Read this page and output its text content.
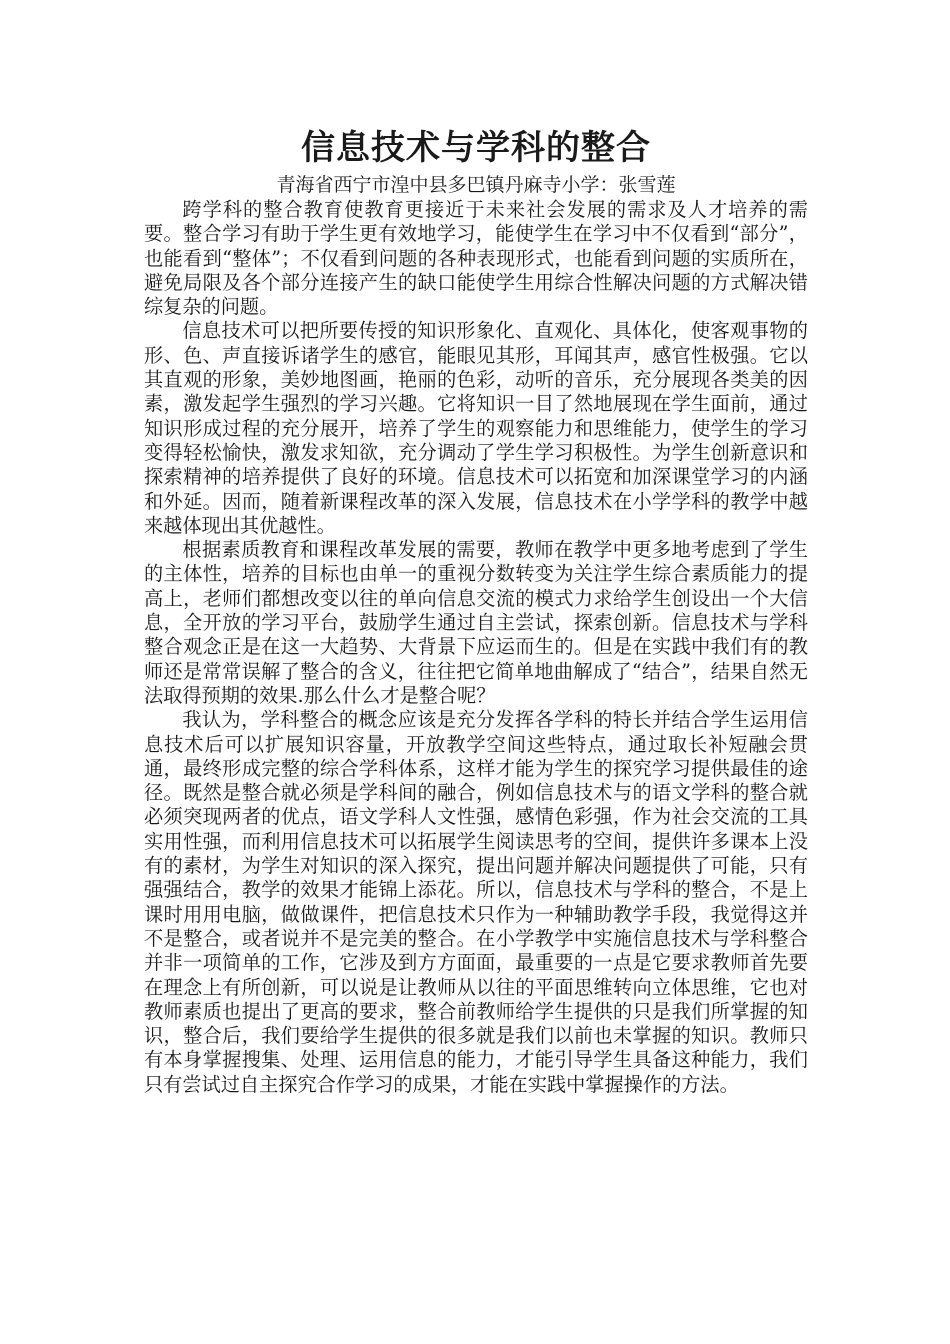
信息技术与学科的整合

青海省西宁市湟中县多巴镇丹麻寺小学：张雪莲

跨学科的整合教育使教育更接近于未来社会发展的需求及人才培养的需要。整合学习有助于学生更有效地学习，能使学生在学习中不仅看到“部分”，也能看到“整体”；不仅看到问题的各种表现形式，也能看到问题的实质所在，避免局限及各个部分连接产生的缺口能使学生用综合性解决问题的方式解决错综复杂的问题。

信息技术可以把所要传授的知识形象化、直观化、具体化，使客观事物的形、色、声直接诉诸学生的感官，能眼见其形，耳闻其声，感官性极强。它以其直观的形象，美妙地图画，艳丽的色彩，动听的音乐，充分展现各类美的因素，激发起学生强烈的学习兴趣。它将知识一目了然地展现在学生面前，通过知识形成过程的充分展开，培养了学生的观察能力和思维能力，使学生的学习变得轻松愉快，激发求知欲，充分调动了学生学习积极性。为学生创新意识和探索精神的培养提供了良好的环境。信息技术可以拓宽和加深课堂学习的内涵和外延。因而，随着新课程改革的深入发展，信息技术在小学学科的教学中越来越体现出其优越性。

根据素质教育和课程改革发展的需要，教师在教学中更多地考虑到了学生的主体性，培养的目标也由单一的重视分数转变为关注学生综合素质能力的提高上，老师们都想改变以往的单向信息交流的模式力求给学生创设出一个大信息，全开放的学习平台，鼓励学生通过自主尝试，探索创新。信息技术与学科整合观念正是在这一大趋势、大背景下应运而生的。但是在实践中我们有的教师还是常常误解了整合的含义，往往把它简单地曲解成了“结合”，结果自然无法取得预期的效果.那么什么才是整合呢？

我认为，学科整合的概念应该是充分发挥各学科的特长并结合学生运用信息技术后可以扩展知识容量，开放教学空间这些特点，通过取长补短融会贯通，最终形成完整的综合学科体系，这样才能为学生的探究学习提供最佳的途径。既然是整合就必须是学科间的融合，例如信息技术与的语文学科的整合就必须突现两者的优点，语文学科人文性强，感情色彩强，作为社会交流的工具实用性强，而利用信息技术可以拓展学生阅读思考的空间，提供许多课本上没有的素材，为学生对知识的深入探究，提出问题并解决问题提供了可能，只有强强结合，教学的效果才能锦上添花。所以，信息技术与学科的整合，不是上课时用用电脑，做做课件，把信息技术只作为一种辅助教学手段，我觉得这并不是整合，或者说并不是完美的整合。在小学教学中实施信息技术与学科整合并非一项简单的工作，它涉及到方方面面，最重要的一点是它要求教师首先要在理念上有所创新，可以说是让教师从以往的平面思维转向立体思维，它也对教师素质也提出了更高的要求，整合前教师给学生提供的只是我们所掌握的知识，整合后，我们要给学生提供的很多就是我们以前也未掌握的知识。教师只有本身掌握搜集、处理、运用信息的能力，才能引导学生具备这种能力，我们只有尝试过自主探究合作学习的成果，才能在实践中掌握操作的方法。
